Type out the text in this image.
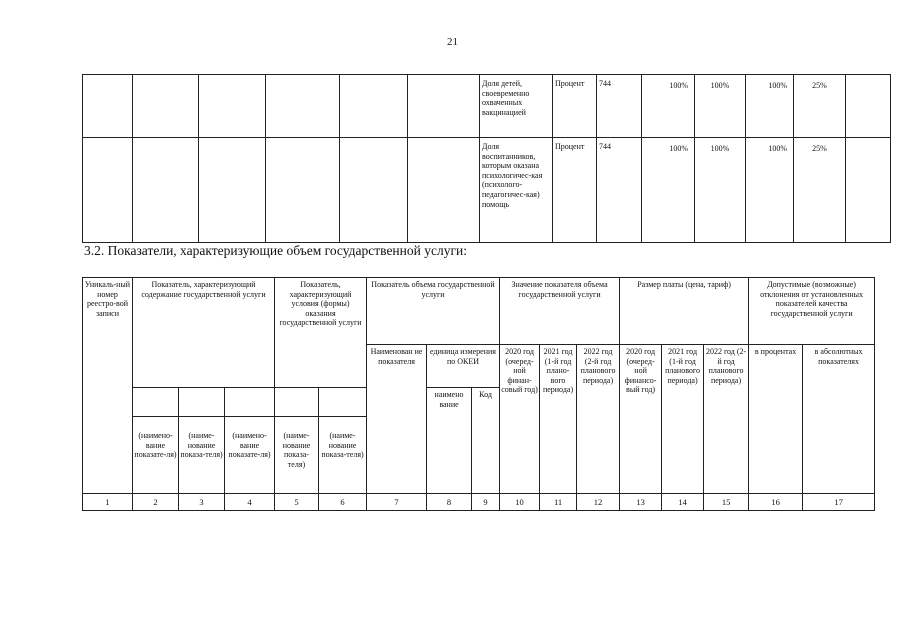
21
						Доля детей, своевременно охваченных вакцинацией	Процент	744	100%	100%	100%	25%	
						Доля воспитанников, которым оказана психологичес-кая (психолого-педагогичес-кая) помощь	Процент	744	100%	100%	100%	25%	
3.2. Показатели, характеризующие объем государственной услуги:
Уникаль-ный номер реестро-вой записи	Показатель, характеризующий содержание государственной услуги			Показатель, характеризующий условия (формы) оказания государственной услуги		Показатель объема государственной услуги			Значение показателя объема государственной услуги			Размер платы (цена, тариф)			Допустимые (возможные) отклонения от установленных показателей качества государственной услуги	
						Наименован ие показателя	единица измерения по ОКЕИ		2020 год (очеред-ной финан-совый год)	2021 год (1-й год плано-вого периода)	2022 год (2-й год планового периода)	2020 год (очеред-ной финансо-вый год)	2021 год (1-й год планового периода)	2022 год (2-й год планового периода)	в процентах	в абсолютных показателях
							наимено вание	Код								
	(наимено-вание показате-ля)	(наиме-нование показа-теля)	(наимено-вание показате-ля)	(наиме-нование показа-теля)	(наиме-нование показа-теля)											
1	2	3	4	5	6	7	8	9	10	11	12	13	14	15	16	17
